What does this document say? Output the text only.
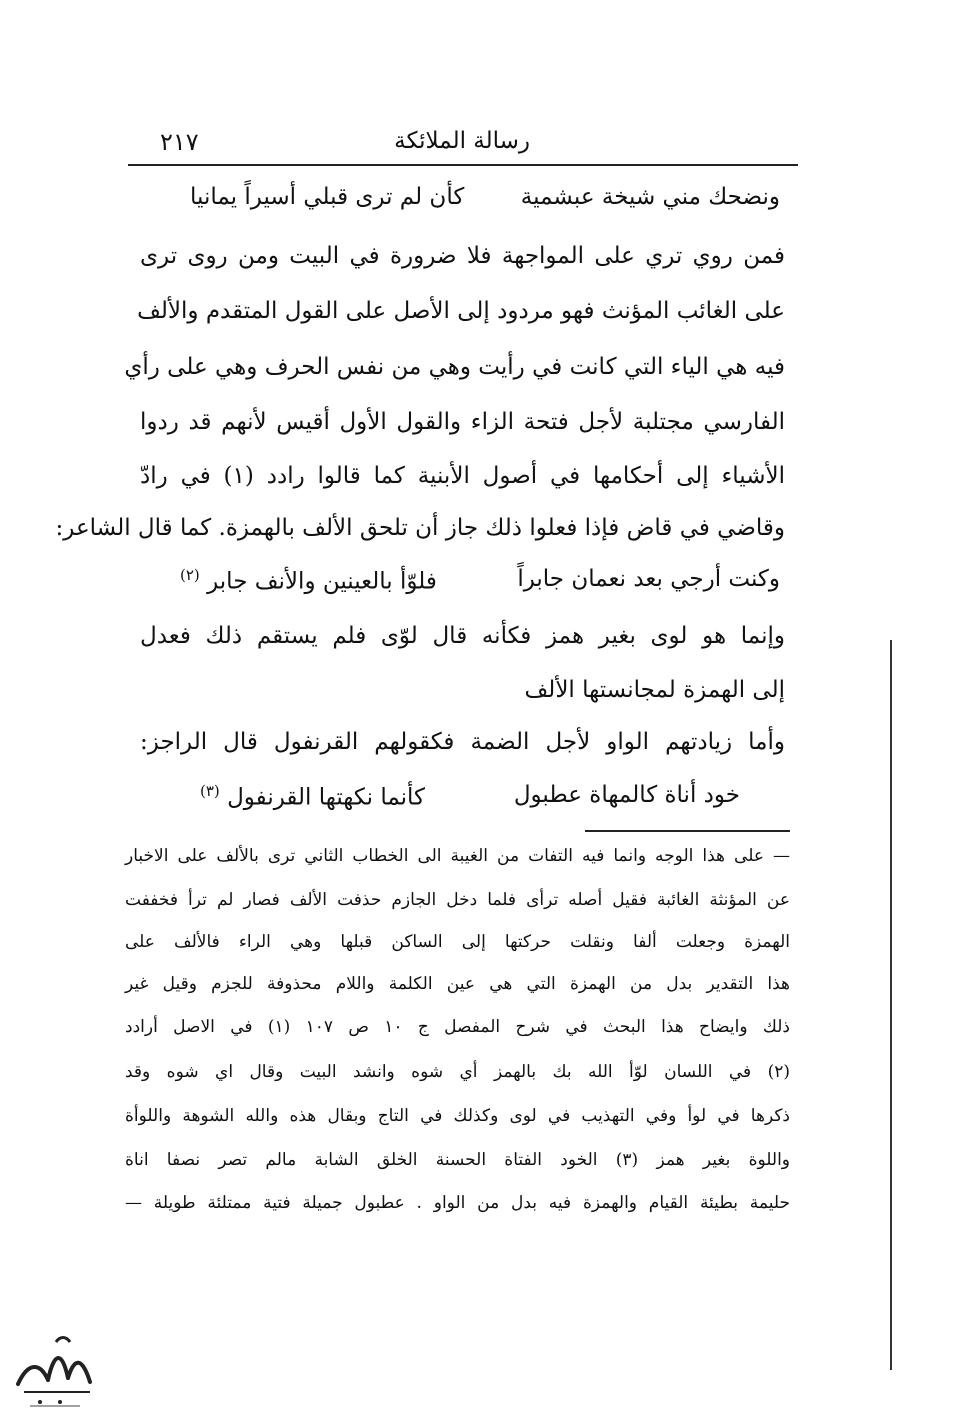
رسالة الملائكة
٢١٧
ونضحك مني شيخة عبشمية
كأن لم ترى قبلي أسيراً يمانيا
فمن روي تري على المواجهة فلا ضرورة في البيت ومن روى ترى
على الغائب المؤنث فهو مردود إلى الأصل على القول المتقدم والألف
فيه هي الياء التي كانت في رأيت وهي من نفس الحرف وهي على رأي
الفارسي مجتلبة لأجل فتحة الزاء والقول الأول أقيس لأنهم قد ردوا
الأشياء إلى أحكامها في أصول الأبنية كما قالوا رادد (١) في رادّ
وقاضي في قاض فإذا فعلوا ذلك جاز أن تلحق الألف بالهمزة. كما قال الشاعر:
وكنت أرجي بعد نعمان جابراً
فلوّأ بالعينين والأنف جابر $^{(٢)}$
وإنما هو لوى بغير همز فكأنه قال لوّى فلم يستقم ذلك فعدل
إلى الهمزة لمجانستها الألف
وأما زيادتهم الواو لأجل الضمة فكقولهم القرنفول قال الراجز:
خود أناة كالمهاة عطبول
كأنما نكهتها القرنفول $^{(٣)}$
— على هذا الوجه وانما فيه التفات من الغيبة الى الخطاب الثاني ترى بالألف على الاخبار
عن المؤنثة الغائبة فقيل أصله ترأى فلما دخل الجازم حذفت الألف فصار لم ترأ فخففت
الهمزة وجعلت ألفا ونقلت حركتها إلى الساكن قبلها وهي الراء فالألف على
هذا التقدير بدل من الهمزة التي هي عين الكلمة واللام محذوفة للجزم وقيل غير
ذلك وايضاح هذا البحث في شرح المفصل ج ١٠ ص ١٠٧ (١) في الاصل أرادد
(٢) في اللسان لوّأ الله بك بالهمز أي شوه وانشد البيت وقال اي شوه وقد
ذكرها في لوأ وفي التهذيب في لوى وكذلك في التاج وبقال هذه والله الشوهة واللوأة
واللوة بغير همز (٣) الخود الفتاة الحسنة الخلق الشابة مالم تصر نصفا اناة
حليمة بطيئة القيام والهمزة فيه بدل من الواو . عطبول جميلة فتية ممتلئة طويلة —
